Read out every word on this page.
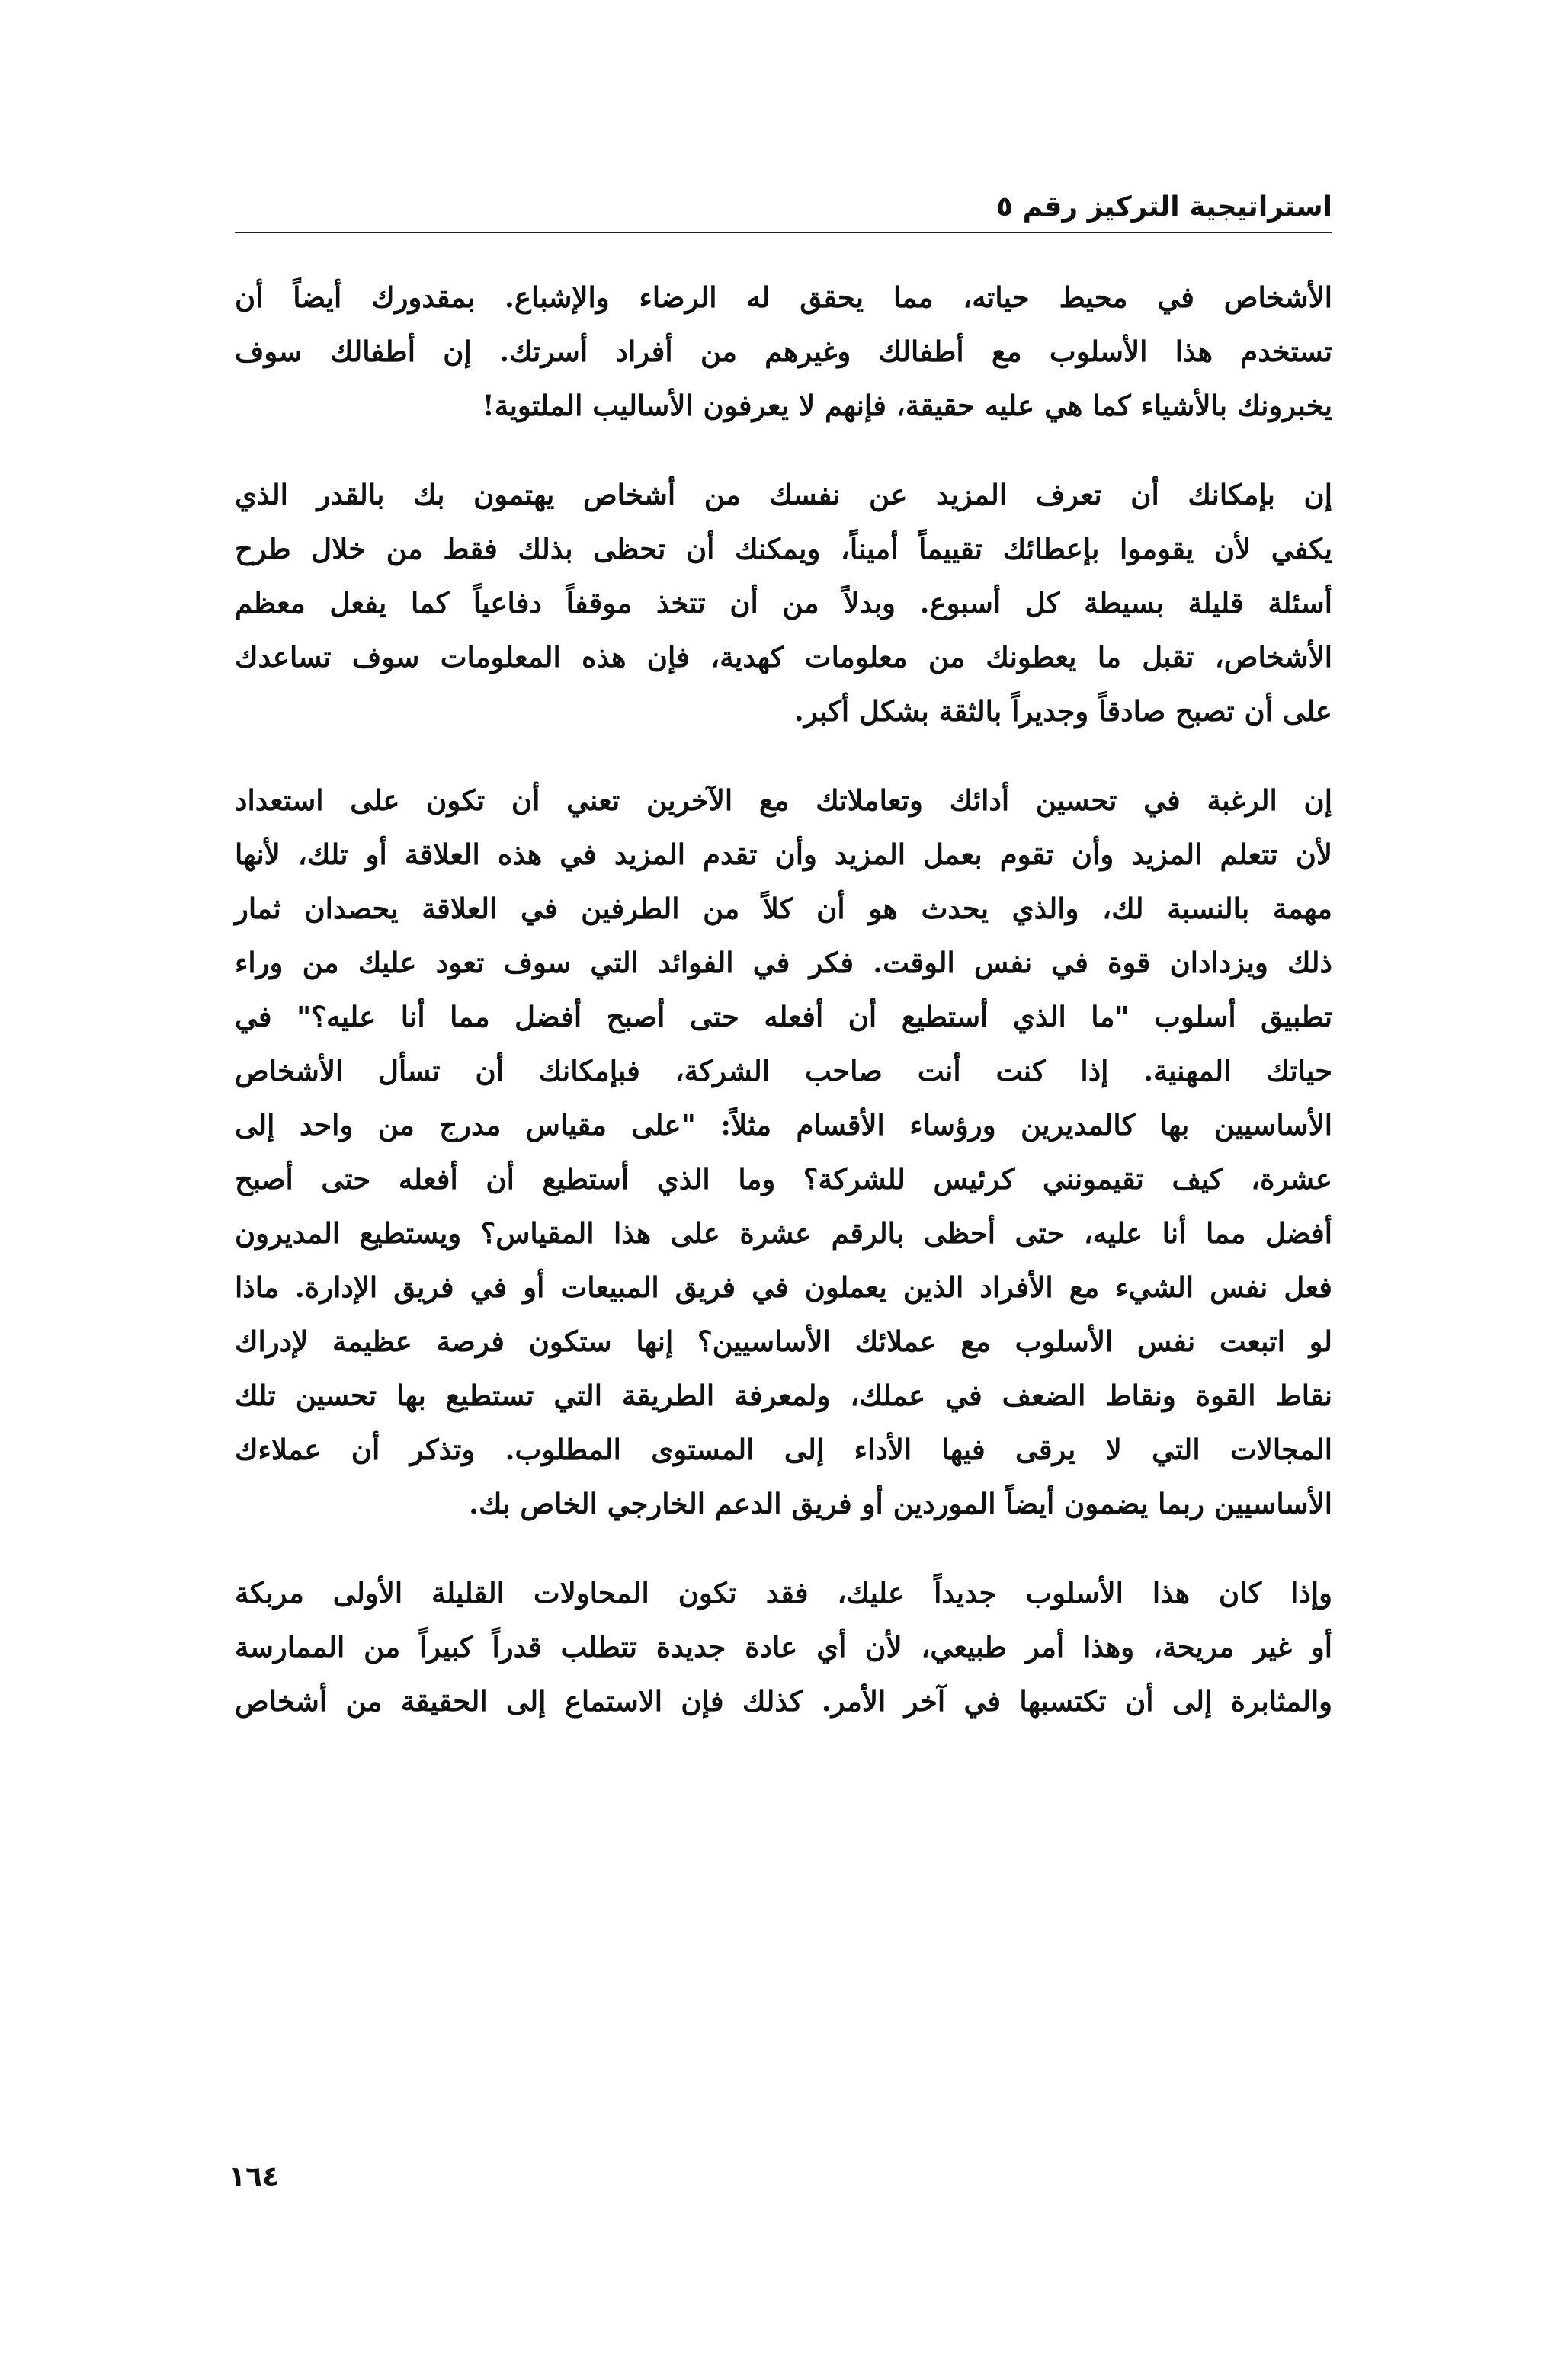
استراتيجية التركيز رقم ٥

الأشخاص في محيط حياته، مما يحقق له الرضاء والإشباع. بمقدورك أيضاً أن
تستخدم هذا الأسلوب مع أطفالك وغيرهم من أفراد أسرتك. إن أطفالك سوف
يخبرونك بالأشياء كما هي عليه حقيقة، فإنهم لا يعرفون الأساليب الملتوية!

إن بإمكانك أن تعرف المزيد عن نفسك من أشخاص يهتمون بك بالقدر الذي
يكفي لأن يقوموا بإعطائك تقييماً أميناً، ويمكنك أن تحظى بذلك فقط من خلال طرح
أسئلة قليلة بسيطة كل أسبوع. وبدلاً من أن تتخذ موقفاً دفاعياً كما يفعل معظم
الأشخاص، تقبل ما يعطونك من معلومات كهدية، فإن هذه المعلومات سوف تساعدك
على أن تصبح صادقاً وجديراً بالثقة بشكل أكبر.

إن الرغبة في تحسين أدائك وتعاملاتك مع الآخرين تعني أن تكون على استعداد
لأن تتعلم المزيد وأن تقوم بعمل المزيد وأن تقدم المزيد في هذه العلاقة أو تلك، لأنها
مهمة بالنسبة لك، والذي يحدث هو أن كلاً من الطرفين في العلاقة يحصدان ثمار
ذلك ويزدادان قوة في نفس الوقت. فكر في الفوائد التي سوف تعود عليك من وراء
تطبيق أسلوب "ما الذي أستطيع أن أفعله حتى أصبح أفضل مما أنا عليه؟" في
حياتك المهنية. إذا كنت أنت صاحب الشركة، فبإمكانك أن تسأل الأشخاص
الأساسيين بها كالمديرين ورؤساء الأقسام مثلاً: "على مقياس مدرج من واحد إلى
عشرة، كيف تقيمونني كرئيس للشركة؟ وما الذي أستطيع أن أفعله حتى أصبح
أفضل مما أنا عليه، حتى أحظى بالرقم عشرة على هذا المقياس؟ ويستطيع المديرون
فعل نفس الشيء مع الأفراد الذين يعملون في فريق المبيعات أو في فريق الإدارة. ماذا
لو اتبعت نفس الأسلوب مع عملائك الأساسيين؟ إنها ستكون فرصة عظيمة لإدراك
نقاط القوة ونقاط الضعف في عملك، ولمعرفة الطريقة التي تستطيع بها تحسين تلك
المجالات التي لا يرقى فيها الأداء إلى المستوى المطلوب. وتذكر أن عملاءك
الأساسيين ربما يضمون أيضاً الموردين أو فريق الدعم الخارجي الخاص بك.

وإذا كان هذا الأسلوب جديداً عليك، فقد تكون المحاولات القليلة الأولى مربكة
أو غير مريحة، وهذا أمر طبيعي، لأن أي عادة جديدة تتطلب قدراً كبيراً من الممارسة
والمثابرة إلى أن تكتسبها في آخر الأمر. كذلك فإن الاستماع إلى الحقيقة من أشخاص

١٦٤
